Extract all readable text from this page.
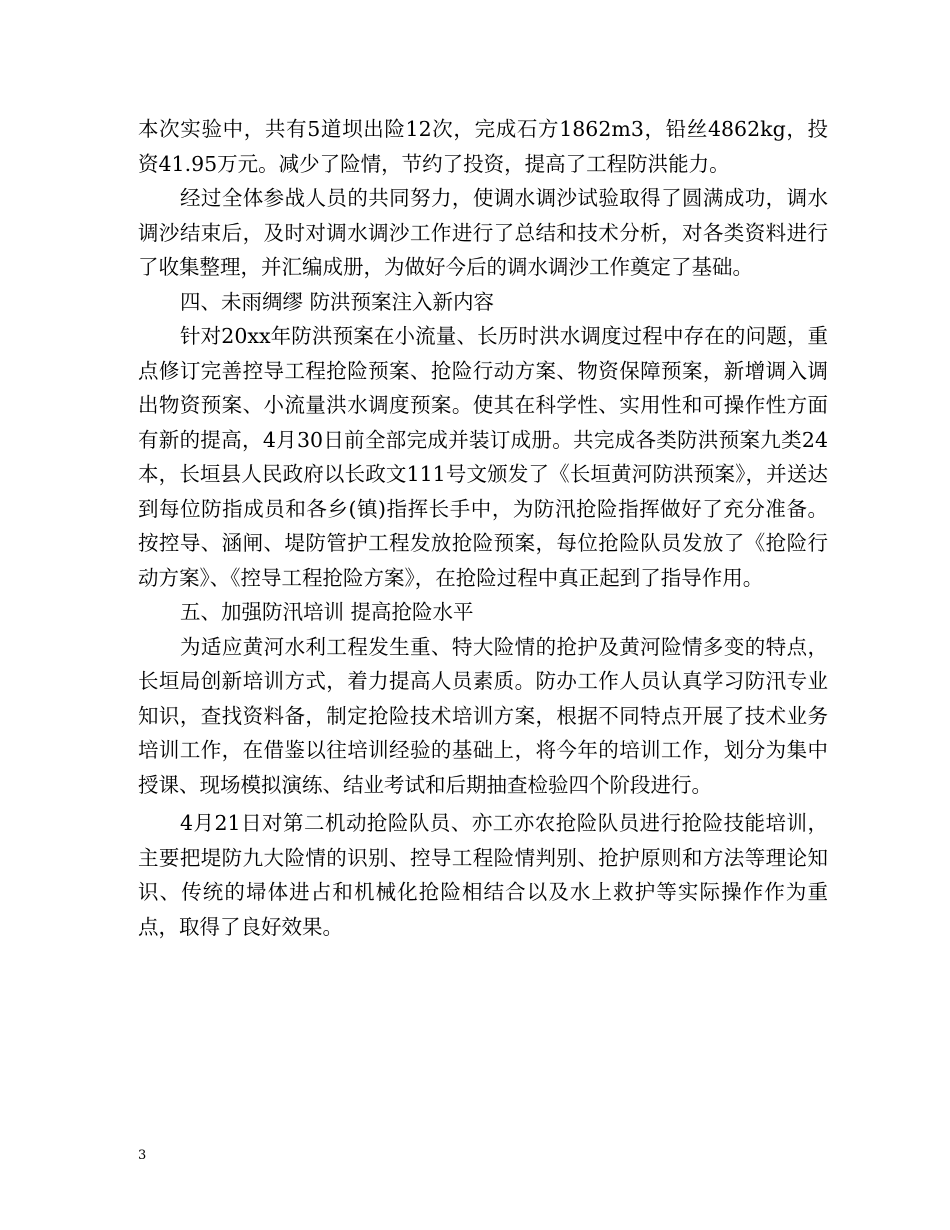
本次实验中，共有5道坝出险12次，完成石方1862m3，铅丝4862kg，投资41.95万元。减少了险情，节约了投资，提高了工程防洪能力。

经过全体参战人员的共同努力，使调水调沙试验取得了圆满成功，调水调沙结束后，及时对调水调沙工作进行了总结和技术分析，对各类资料进行了收集整理，并汇编成册，为做好今后的调水调沙工作奠定了基础。

四、未雨绸缪 防洪预案注入新内容

针对20xx年防洪预案在小流量、长历时洪水调度过程中存在的问题，重点修订完善控导工程抢险预案、抢险行动方案、物资保障预案，新增调入调出物资预案、小流量洪水调度预案。使其在科学性、实用性和可操作性方面有新的提高，4月30日前全部完成并装订成册。共完成各类防洪预案九类24本，长垣县人民政府以长政文111号文颁发了《长垣黄河防洪预案》，并送达到每位防指成员和各乡(镇)指挥长手中，为防汛抢险指挥做好了充分准备。按控导、涵闸、堤防管护工程发放抢险预案，每位抢险队员发放了《抢险行动方案》、《控导工程抢险方案》，在抢险过程中真正起到了指导作用。

五、加强防汛培训 提高抢险水平

为适应黄河水利工程发生重、特大险情的抢护及黄河险情多变的特点，长垣局创新培训方式，着力提高人员素质。防办工作人员认真学习防汛专业知识，查找资料备，制定抢险技术培训方案，根据不同特点开展了技术业务培训工作，在借鉴以往培训经验的基础上，将今年的培训工作，划分为集中授课、现场模拟演练、结业考试和后期抽查检验四个阶段进行。

4月21日对第二机动抢险队员、亦工亦农抢险队员进行抢险技能培训，主要把堤防九大险情的识别、控导工程险情判别、抢护原则和方法等理论知识、传统的埽体进占和机械化抢险相结合以及水上救护等实际操作作为重点，取得了良好效果。

3
